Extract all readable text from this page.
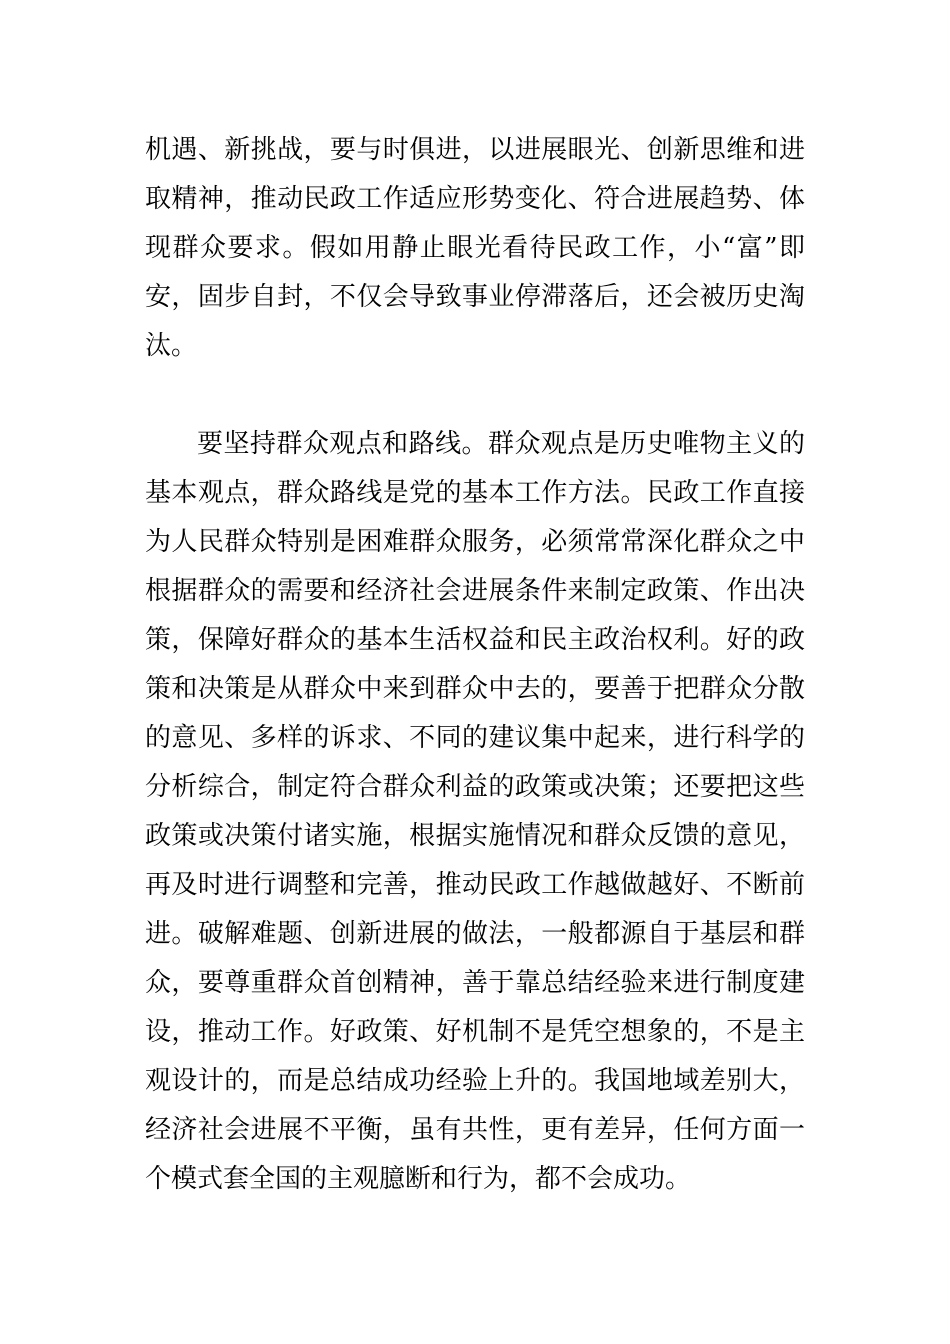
机遇、新挑战，要与时俱进，以进展眼光、创新思维和进取精神，推动民政工作适应形势变化、符合进展趋势、体现群众要求。假如用静止眼光看待民政工作，小“富”即安，固步自封，不仅会导致事业停滞落后，还会被历史淘汰。

要坚持群众观点和路线。群众观点是历史唯物主义的基本观点，群众路线是党的基本工作方法。民政工作直接为人民群众特别是困难群众服务，必须常常深化群众之中根据群众的需要和经济社会进展条件来制定政策、作出决策，保障好群众的基本生活权益和民主政治权利。好的政策和决策是从群众中来到群众中去的，要善于把群众分散的意见、多样的诉求、不同的建议集中起来，进行科学的分析综合，制定符合群众利益的政策或决策；还要把这些政策或决策付诸实施，根据实施情况和群众反馈的意见，再及时进行调整和完善，推动民政工作越做越好、不断前进。破解难题、创新进展的做法，一般都源自于基层和群众，要尊重群众首创精神，善于靠总结经验来进行制度建设，推动工作。好政策、好机制不是凭空想象的，不是主观设计的，而是总结成功经验上升的。我国地域差别大，经济社会进展不平衡，虽有共性，更有差异，任何方面一个模式套全国的主观臆断和行为，都不会成功。
